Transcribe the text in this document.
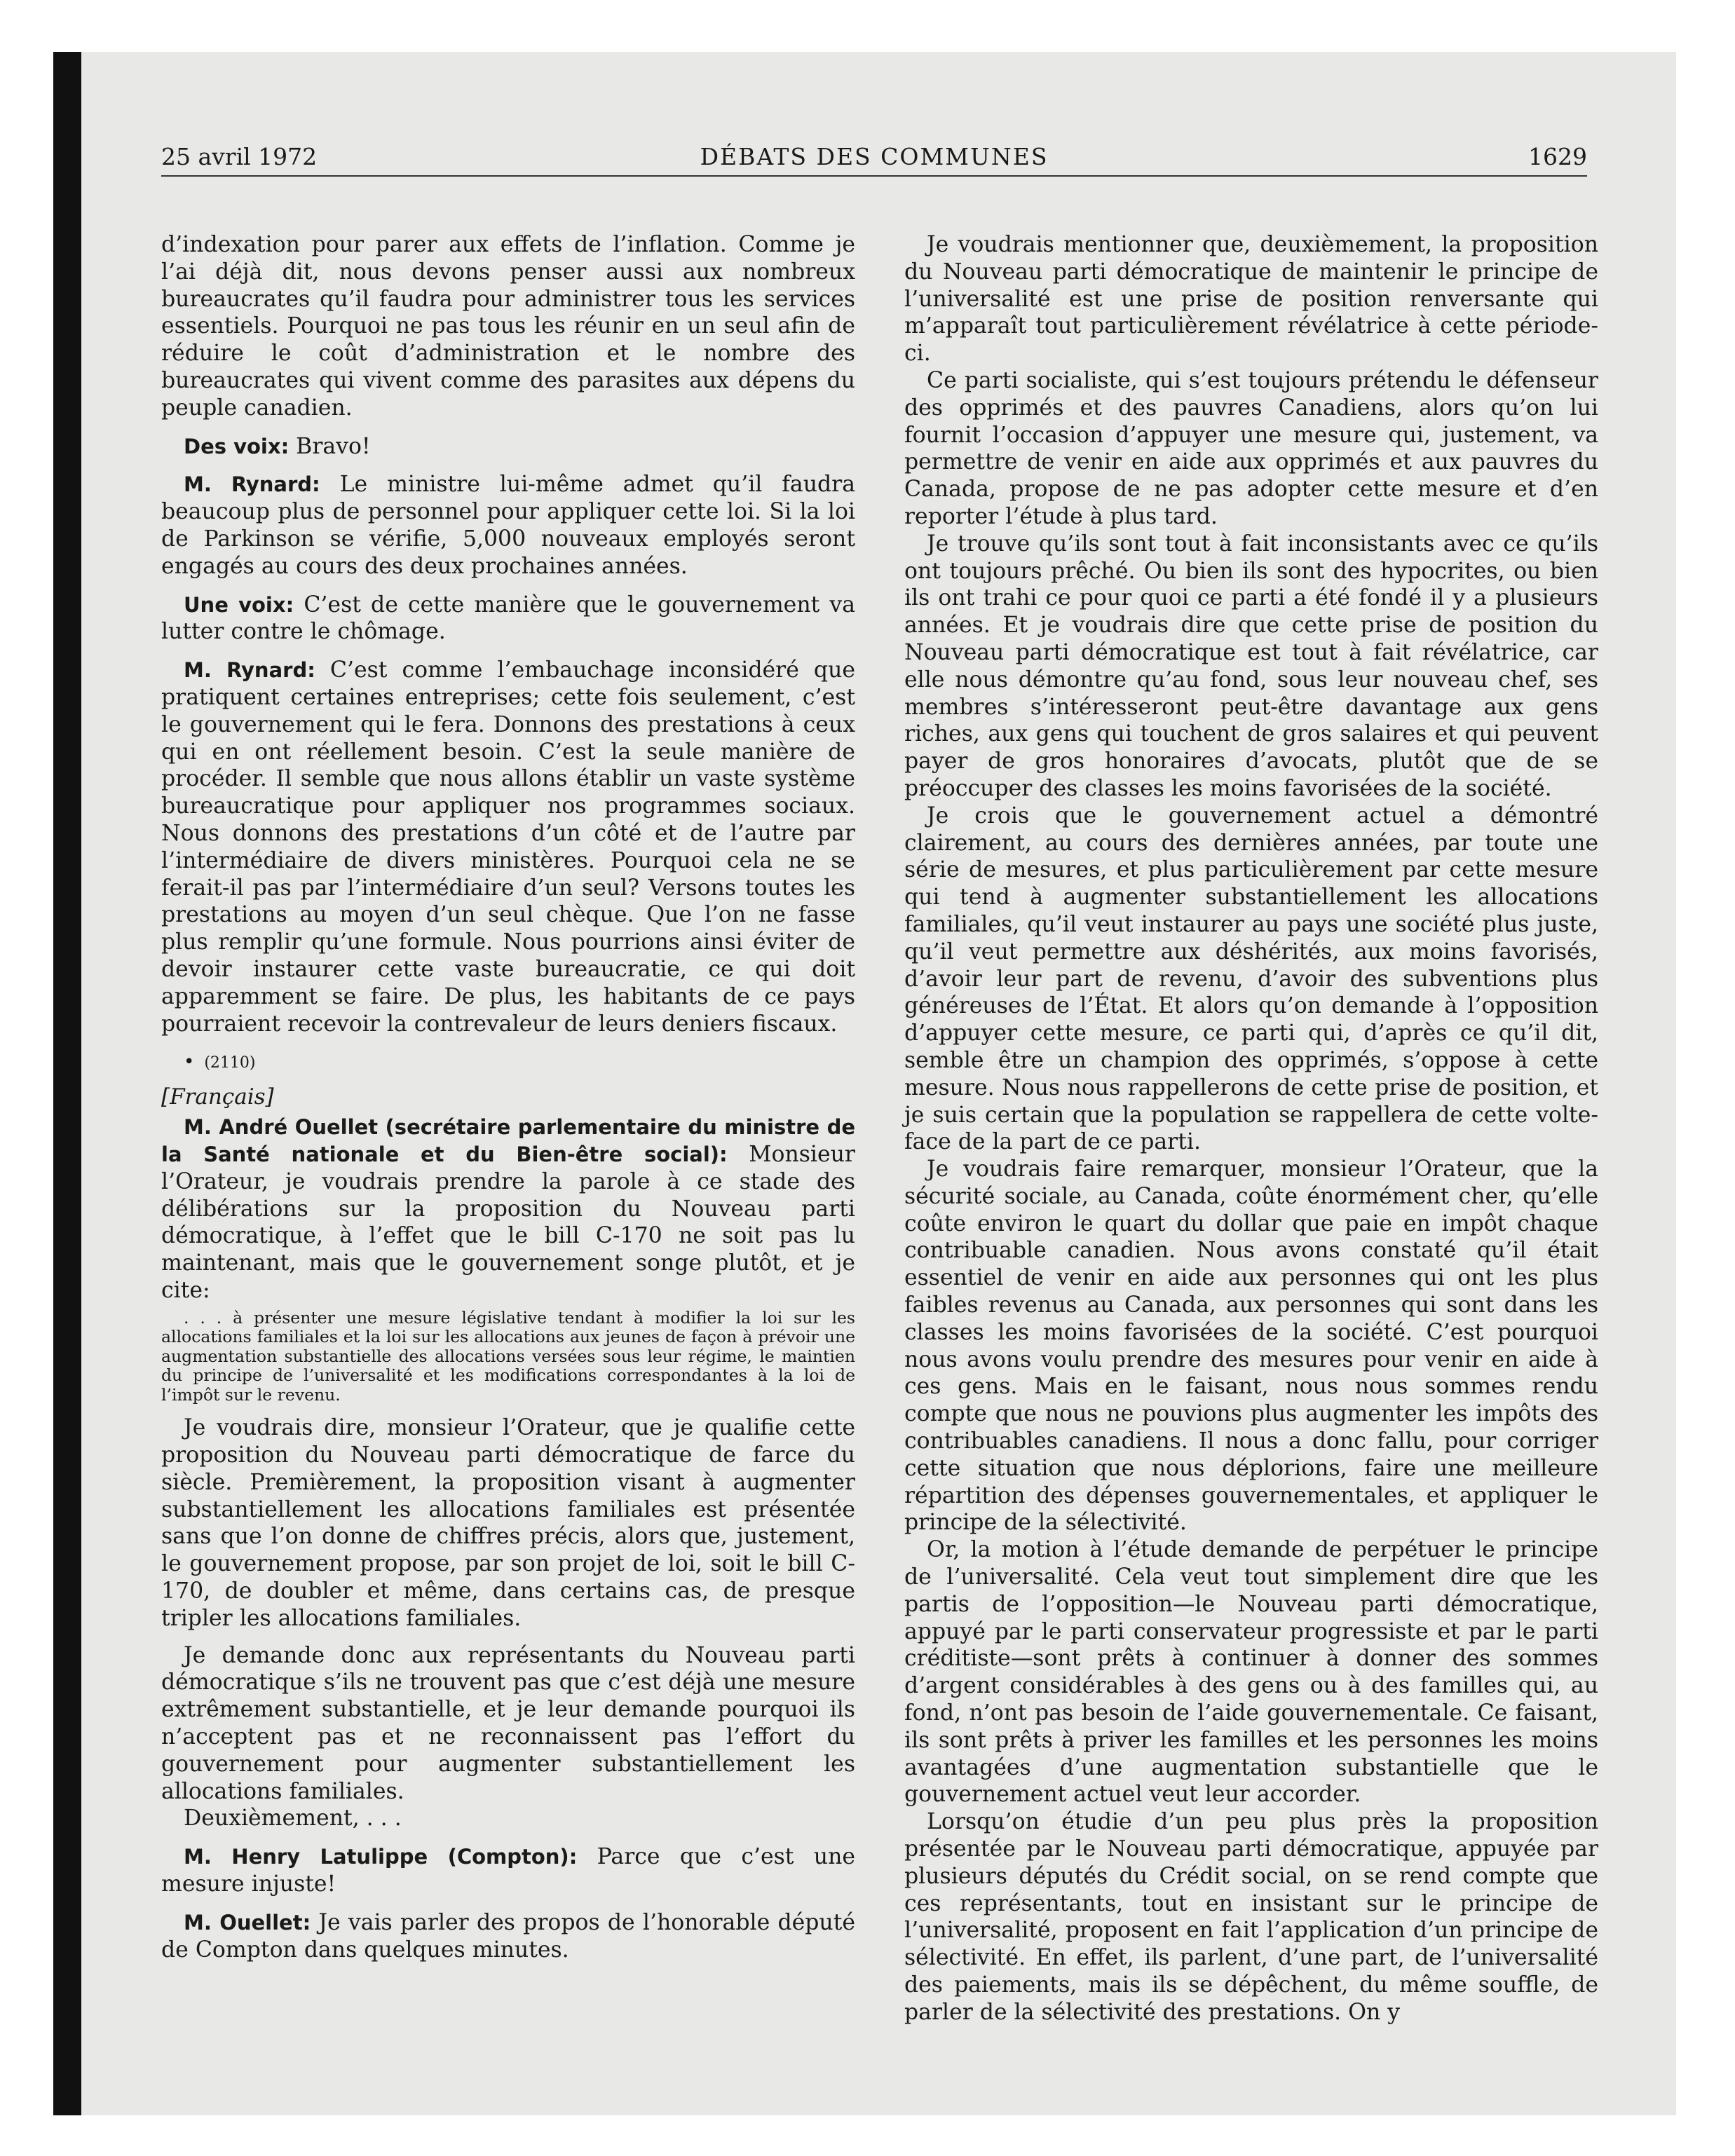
25 avril 1972	DÉBATS DES COMMUNES	1629

d’indexation pour parer aux effets de l’inflation. Comme je l’ai déjà dit, nous devons penser aussi aux nombreux bureaucrates qu’il faudra pour administrer tous les services essentiels. Pourquoi ne pas tous les réunir en un seul afin de réduire le coût d’administration et le nombre des bureaucrates qui vivent comme des parasites aux dépens du peuple canadien.

Des voix: Bravo!

M. Rynard: Le ministre lui-même admet qu’il faudra beaucoup plus de personnel pour appliquer cette loi. Si la loi de Parkinson se vérifie, 5,000 nouveaux employés seront engagés au cours des deux prochaines années.

Une voix: C’est de cette manière que le gouvernement va lutter contre le chômage.

M. Rynard: C’est comme l’embauchage inconsidéré que pratiquent certaines entreprises; cette fois seulement, c’est le gouvernement qui le fera. Donnons des prestations à ceux qui en ont réellement besoin. C’est la seule manière de procéder. Il semble que nous allons établir un vaste système bureaucratique pour appliquer nos programmes sociaux. Nous donnons des prestations d’un côté et de l’autre par l’intermédiaire de divers ministères. Pourquoi cela ne se ferait-il pas par l’intermédiaire d’un seul? Versons toutes les prestations au moyen d’un seul chèque. Que l’on ne fasse plus remplir qu’une formule. Nous pourrions ainsi éviter de devoir instaurer cette vaste bureaucratie, ce qui doit apparemment se faire. De plus, les habitants de ce pays pourraient recevoir la contrevaleur de leurs deniers fiscaux.

• (2110)

[Français]

M. André Ouellet (secrétaire parlementaire du ministre de la Santé nationale et du Bien-être social): Monsieur l’Orateur, je voudrais prendre la parole à ce stade des délibérations sur la proposition du Nouveau parti démocratique, à l’effet que le bill C-170 ne soit pas lu maintenant, mais que le gouvernement songe plutôt, et je cite:

. . . à présenter une mesure législative tendant à modifier la loi sur les allocations familiales et la loi sur les allocations aux jeunes de façon à prévoir une augmentation substantielle des allocations versées sous leur régime, le maintien du principe de l’universalité et les modifications correspondantes à la loi de l’impôt sur le revenu.

Je voudrais dire, monsieur l’Orateur, que je qualifie cette proposition du Nouveau parti démocratique de farce du siècle. Premièrement, la proposition visant à augmenter substantiellement les allocations familiales est présentée sans que l’on donne de chiffres précis, alors que, justement, le gouvernement propose, par son projet de loi, soit le bill C-170, de doubler et même, dans certains cas, de presque tripler les allocations familiales.

Je demande donc aux représentants du Nouveau parti démocratique s’ils ne trouvent pas que c’est déjà une mesure extrêmement substantielle, et je leur demande pourquoi ils n’acceptent pas et ne reconnaissent pas l’effort du gouvernement pour augmenter substantiellement les allocations familiales.

Deuxièmement, . . .

M. Henry Latulippe (Compton): Parce que c’est une mesure injuste!

M. Ouellet: Je vais parler des propos de l’honorable député de Compton dans quelques minutes.

Je voudrais mentionner que, deuxièmement, la proposition du Nouveau parti démocratique de maintenir le principe de l’universalité est une prise de position renversante qui m’apparaît tout particulièrement révélatrice à cette période-ci.

Ce parti socialiste, qui s’est toujours prétendu le défenseur des opprimés et des pauvres Canadiens, alors qu’on lui fournit l’occasion d’appuyer une mesure qui, justement, va permettre de venir en aide aux opprimés et aux pauvres du Canada, propose de ne pas adopter cette mesure et d’en reporter l’étude à plus tard.

Je trouve qu’ils sont tout à fait inconsistants avec ce qu’ils ont toujours prêché. Ou bien ils sont des hypocrites, ou bien ils ont trahi ce pour quoi ce parti a été fondé il y a plusieurs années. Et je voudrais dire que cette prise de position du Nouveau parti démocratique est tout à fait révélatrice, car elle nous démontre qu’au fond, sous leur nouveau chef, ses membres s’intéresseront peut-être davantage aux gens riches, aux gens qui touchent de gros salaires et qui peuvent payer de gros honoraires d’avocats, plutôt que de se préoccuper des classes les moins favorisées de la société.

Je crois que le gouvernement actuel a démontré clairement, au cours des dernières années, par toute une série de mesures, et plus particulièrement par cette mesure qui tend à augmenter substantiellement les allocations familiales, qu’il veut instaurer au pays une société plus juste, qu’il veut permettre aux déshérités, aux moins favorisés, d’avoir leur part de revenu, d’avoir des subventions plus généreuses de l’État. Et alors qu’on demande à l’opposition d’appuyer cette mesure, ce parti qui, d’après ce qu’il dit, semble être un champion des opprimés, s’oppose à cette mesure. Nous nous rappellerons de cette prise de position, et je suis certain que la population se rappellera de cette volte-face de la part de ce parti.

Je voudrais faire remarquer, monsieur l’Orateur, que la sécurité sociale, au Canada, coûte énormément cher, qu’elle coûte environ le quart du dollar que paie en impôt chaque contribuable canadien. Nous avons constaté qu’il était essentiel de venir en aide aux personnes qui ont les plus faibles revenus au Canada, aux personnes qui sont dans les classes les moins favorisées de la société. C’est pourquoi nous avons voulu prendre des mesures pour venir en aide à ces gens. Mais en le faisant, nous nous sommes rendu compte que nous ne pouvions plus augmenter les impôts des contribuables canadiens. Il nous a donc fallu, pour corriger cette situation que nous déplorions, faire une meilleure répartition des dépenses gouvernementales, et appliquer le principe de la sélectivité.

Or, la motion à l’étude demande de perpétuer le principe de l’universalité. Cela veut tout simplement dire que les partis de l’opposition—le Nouveau parti démocratique, appuyé par le parti conservateur progressiste et par le parti créditiste—sont prêts à continuer à donner des sommes d’argent considérables à des gens ou à des familles qui, au fond, n’ont pas besoin de l’aide gouvernementale. Ce faisant, ils sont prêts à priver les familles et les personnes les moins avantagées d’une augmentation substantielle que le gouvernement actuel veut leur accorder.

Lorsqu’on étudie d’un peu plus près la proposition présentée par le Nouveau parti démocratique, appuyée par plusieurs députés du Crédit social, on se rend compte que ces représentants, tout en insistant sur le principe de l’universalité, proposent en fait l’application d’un principe de sélectivité. En effet, ils parlent, d’une part, de l’universalité des paiements, mais ils se dépêchent, du même souffle, de parler de la sélectivité des prestations. On y
